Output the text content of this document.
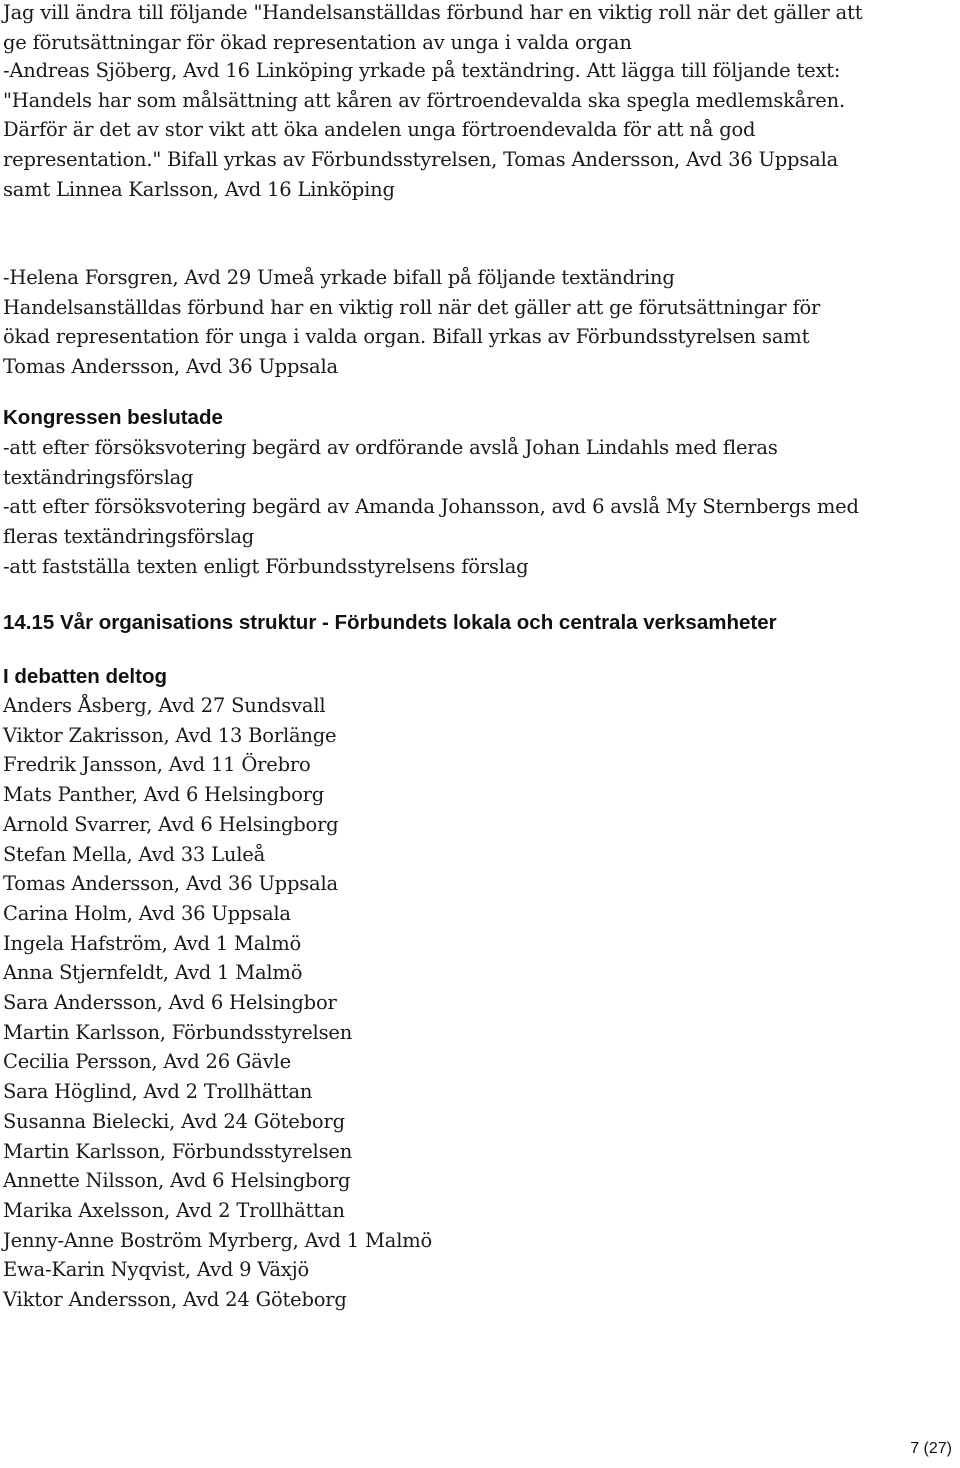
Jag vill ändra till följande "Handelsanställdas förbund har en viktig roll när det gäller att
ge förutsättningar för ökad representation av unga i valda organ
-Andreas Sjöberg, Avd 16 Linköping yrkade på textändring. Att lägga till följande text:
"Handels har som målsättning att kåren av förtroendevalda ska spegla medlemskåren.
Därför är det av stor vikt att öka andelen unga förtroendevalda för att nå god
representation." Bifall yrkas av Förbundsstyrelsen, Tomas Andersson, Avd 36 Uppsala
samt Linnea Karlsson, Avd 16 Linköping
-Helena Forsgren, Avd 29 Umeå yrkade bifall på följande textändring
Handelsanställdas förbund har en viktig roll när det gäller att ge förutsättningar för
ökad representation för unga i valda organ. Bifall yrkas av Förbundsstyrelsen samt
Tomas Andersson, Avd 36 Uppsala
Kongressen beslutade
-att efter försöksvotering begärd av ordförande avslå Johan Lindahls med fleras
textändringsförslag
-att efter försöksvotering begärd av Amanda Johansson, avd 6 avslå My Sternbergs med
fleras textändringsförslag
-att fastställa texten enligt Förbundsstyrelsens förslag
14.15 Vår organisations struktur - Förbundets lokala och centrala verksamheter
I debatten deltog
Anders Åsberg, Avd 27 Sundsvall
Viktor Zakrisson, Avd 13 Borlänge
Fredrik Jansson, Avd 11 Örebro
Mats Panther, Avd 6 Helsingborg
Arnold Svarrer, Avd 6 Helsingborg
Stefan Mella, Avd 33 Luleå
Tomas Andersson, Avd 36 Uppsala
Carina Holm, Avd 36 Uppsala
Ingela Hafström, Avd 1 Malmö
Anna Stjernfeldt, Avd 1 Malmö
Sara Andersson, Avd 6 Helsingbor
Martin Karlsson, Förbundsstyrelsen
Cecilia Persson, Avd 26 Gävle
Sara Höglind, Avd 2 Trollhättan
Susanna Bielecki, Avd 24 Göteborg
Martin Karlsson, Förbundsstyrelsen
Annette Nilsson, Avd 6 Helsingborg
Marika Axelsson, Avd 2 Trollhättan
Jenny-Anne Boström Myrberg, Avd 1 Malmö
Ewa-Karin Nyqvist, Avd 9 Växjö
Viktor Andersson, Avd 24 Göteborg
7 (27)
